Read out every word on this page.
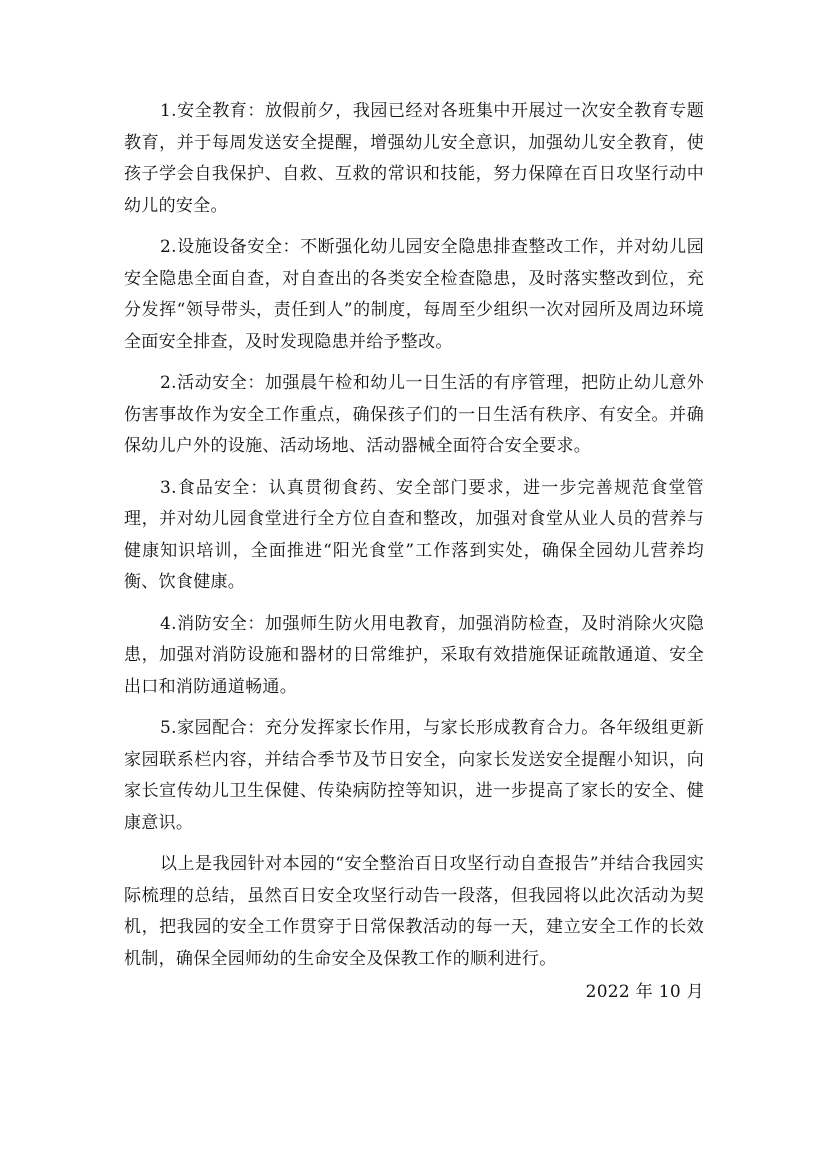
1.安全教育：放假前夕，我园已经对各班集中开展过一次安全教育专题教育，并于每周发送安全提醒，增强幼儿安全意识，加强幼儿安全教育，使孩子学会自我保护、自救、互救的常识和技能，努力保障在百日攻坚行动中幼儿的安全。

2.设施设备安全：不断强化幼儿园安全隐患排查整改工作，并对幼儿园安全隐患全面自查，对自查出的各类安全检查隐患，及时落实整改到位，充分发挥“领导带头，责任到人”的制度，每周至少组织一次对园所及周边环境全面安全排查，及时发现隐患并给予整改。

2.活动安全：加强晨午检和幼儿一日生活的有序管理，把防止幼儿意外伤害事故作为安全工作重点，确保孩子们的一日生活有秩序、有安全。并确保幼儿户外的设施、活动场地、活动器械全面符合安全要求。

3.食品安全：认真贯彻食药、安全部门要求，进一步完善规范食堂管理，并对幼儿园食堂进行全方位自查和整改，加强对食堂从业人员的营养与健康知识培训，全面推进“阳光食堂”工作落到实处，确保全园幼儿营养均衡、饮食健康。

4.消防安全：加强师生防火用电教育，加强消防检查，及时消除火灾隐患，加强对消防设施和器材的日常维护，采取有效措施保证疏散通道、安全出口和消防通道畅通。

5.家园配合：充分发挥家长作用，与家长形成教育合力。各年级组更新家园联系栏内容，并结合季节及节日安全，向家长发送安全提醒小知识，向家长宣传幼儿卫生保健、传染病防控等知识，进一步提高了家长的安全、健康意识。

以上是我园针对本园的“安全整治百日攻坚行动自查报告”并结合我园实际梳理的总结，虽然百日安全攻坚行动告一段落，但我园将以此次活动为契机，把我园的安全工作贯穿于日常保教活动的每一天，建立安全工作的长效机制，确保全园师幼的生命安全及保教工作的顺利进行。

2022 年 10 月
